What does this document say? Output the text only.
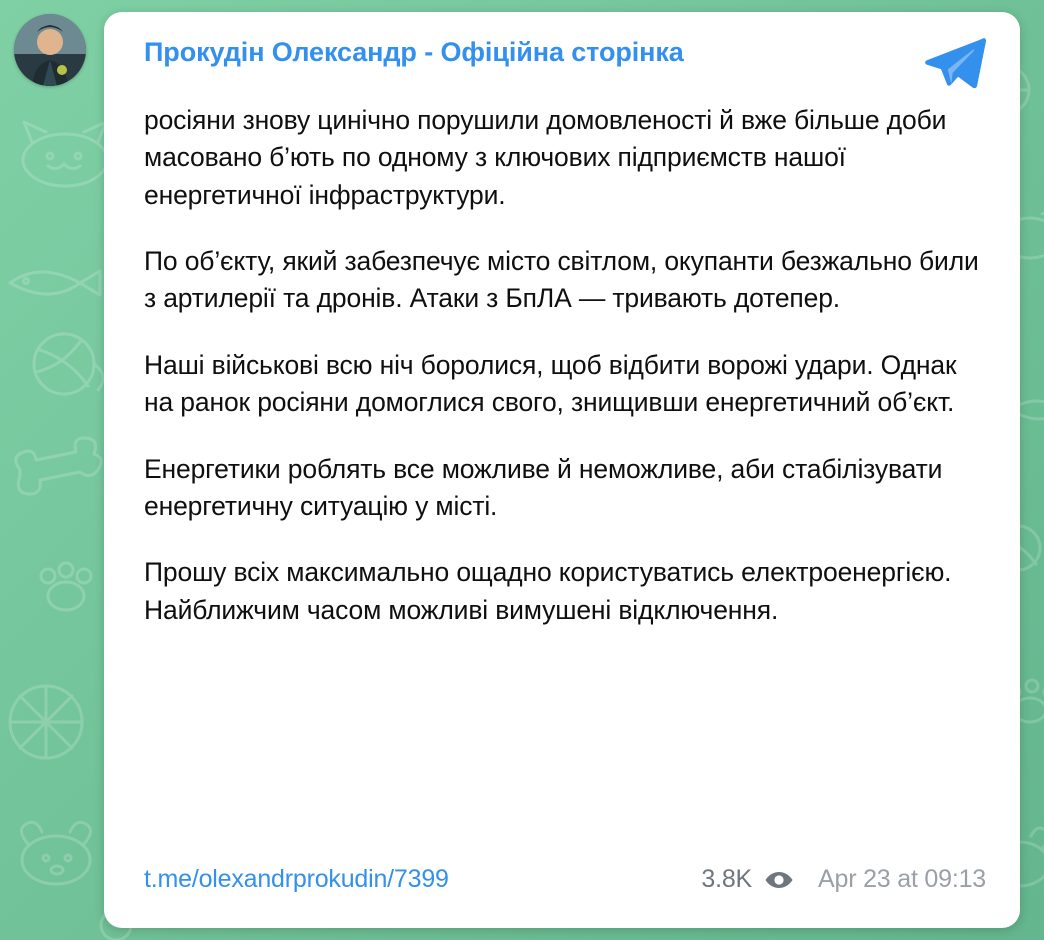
Прокудін Олександр - Офіційна сторінка

росіяни знову цинічно порушили домовленості й вже більше доби масовано б’ють по одному з ключових підприємств нашої енергетичної інфраструктури.

По об’єкту, який забезпечує місто світлом, окупанти безжально били з артилерії та дронів. Атаки з БпЛА — тривають дотепер.

Наші військові всю ніч боролися, щоб відбити ворожі удари. Однак на ранок росіяни домоглися свого, знищивши енергетичний об’єкт.

Енергетики роблять все можливе й неможливе, аби стабілізувати енергетичну ситуацію у місті.

Прошу всіх максимально ощадно користуватись електроенергією. Найближчим часом можливі вимушені відключення.

t.me/olexandrprokudin/7399	3.8K	Apr 23 at 09:13
